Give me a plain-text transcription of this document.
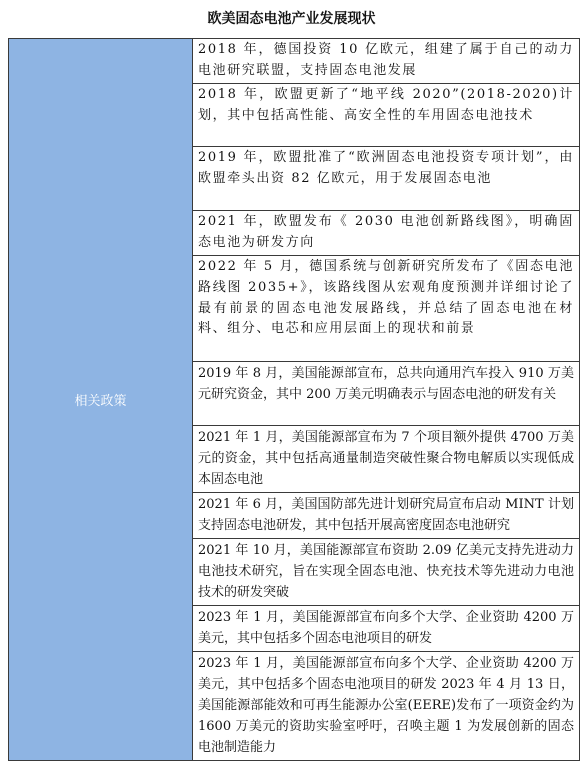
欧美固态电池产业发展现状
相关政策	2018 年，德国投资 10 亿欧元，组建了属于自己的动力电池研究联盟，支持固态电池发展
2018 年，欧盟更新了“地平线 2020”(2018-2020)计划，其中包括高性能、高安全性的车用固态电池技术
2019 年，欧盟批准了“欧洲固态电池投资专项计划”，由欧盟牵头出资 82 亿欧元，用于发展固态电池
2021 年，欧盟发布《 2030 电池创新路线图》，明确固态电池为研发方向
2022 年 5 月，德国系统与创新研究所发布了《固态电池路线图 2035+》，该路线图从宏观角度预测并详细讨论了最有前景的固态电池发展路线，并总结了固态电池在材料、组分、电芯和应用层面上的现状和前景
2019 年 8 月，美国能源部宣布，总共向通用汽车投入 910 万美元研究资金，其中 200 万美元明确表示与固态电池的研发有关
2021 年 1 月，美国能源部宣布为 7 个项目额外提供 4700 万美元的资金，其中包括高通量制造突破性聚合物电解质以实现低成本固态电池
2021 年 6 月，美国国防部先进计划研究局宣布启动 MINT 计划支持固态电池研发，其中包括开展高密度固态电池研究
2021 年 10 月，美国能源部宣布资助 2.09 亿美元支持先进动力电池技术研究，旨在实现全固态电池、快充技术等先进动力电池技术的研发突破
2023 年 1 月，美国能源部宣布向多个大学、企业资助 4200 万美元，其中包括多个固态电池项目的研发
2023 年 1 月，美国能源部宣布向多个大学、企业资助 4200 万美元，其中包括多个固态电池项目的研发 2023 年 4 月 13 日，美国能源部能效和可再生能源办公室(EERE)发布了一项资金约为 1600 万美元的资助实验室呼吁，召唤主题 1 为发展创新的固态电池制造能力
